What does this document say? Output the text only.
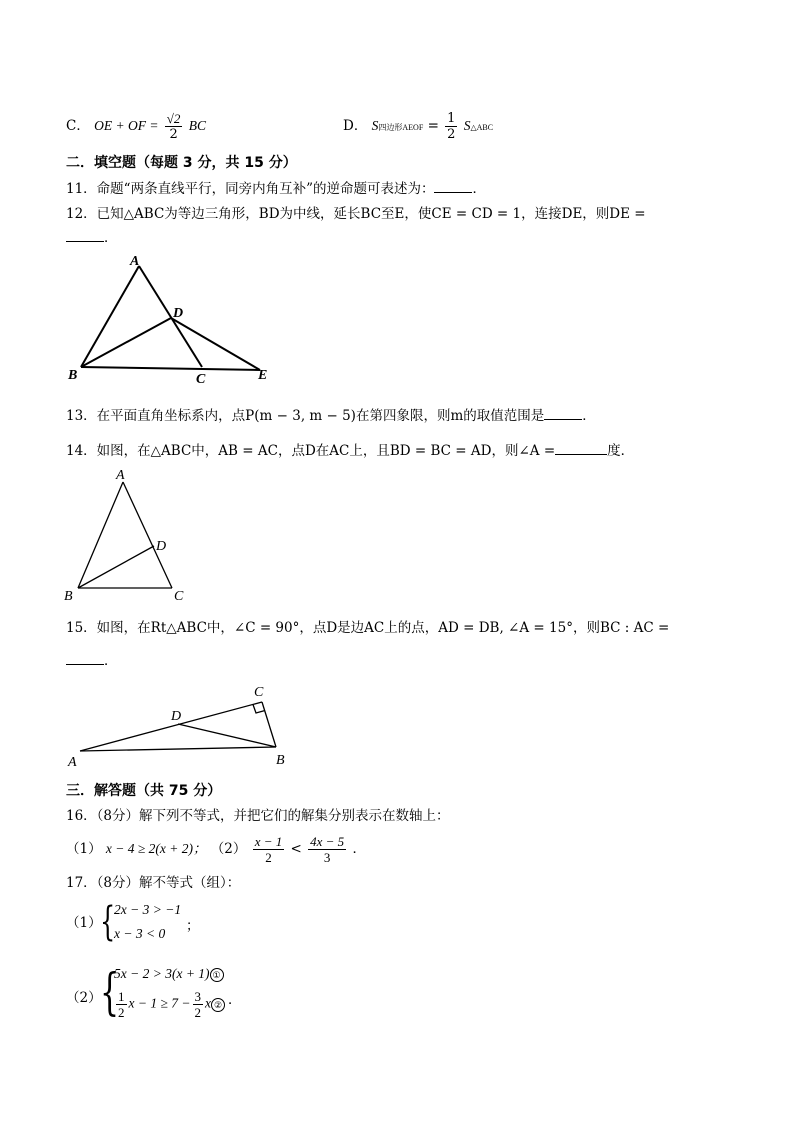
C． OE + OF = $\frac{√2}{2}$ BC	D． S四边形AEOF = $\frac{1}{2}$ S△ABC
二．填空题（每题 3 分，共 15 分）
11．命题“两条直线平行，同旁内角互补”的逆命题可表述为：	．
12．已知△ABC为等边三角形，BD为中线，延长BC至E，使CE = CD = 1，连接DE，则DE =
．
A
B	C
D
E
13．在平面直角坐标系内，点P(m − 3, m − 5)在第四象限，则m的取值范围是	．
14．如图，在△ABC中，AB = AC，点D在AC上，且BD = BC = AD，则∠A =	度．
A
B	C
D
15．如图，在Rt△ABC中，∠C = 90°，点D是边AC上的点，AD = DB, ∠A = 15°，则BC : AC =
．
A	B
C
D
三．解答题（共 75 分）
16．（8分）解下列不等式，并把它们的解集分别表示在数轴上：
（1） x − 4 ≥ 2(x + 2)； $(2) \frac{x - 1}{2} < \frac{4x - 5}{3}$ ．
17．（8分）解不等式（组）：
（1）
{
2x − 3 > −1
x − 3 < 0 ；
（2）
{
5x − 2 > 3(x + 1) ①
$\frac{1}{2}$ $x - 1 \ge 7 - \frac{3}{2}$ x ② ．
